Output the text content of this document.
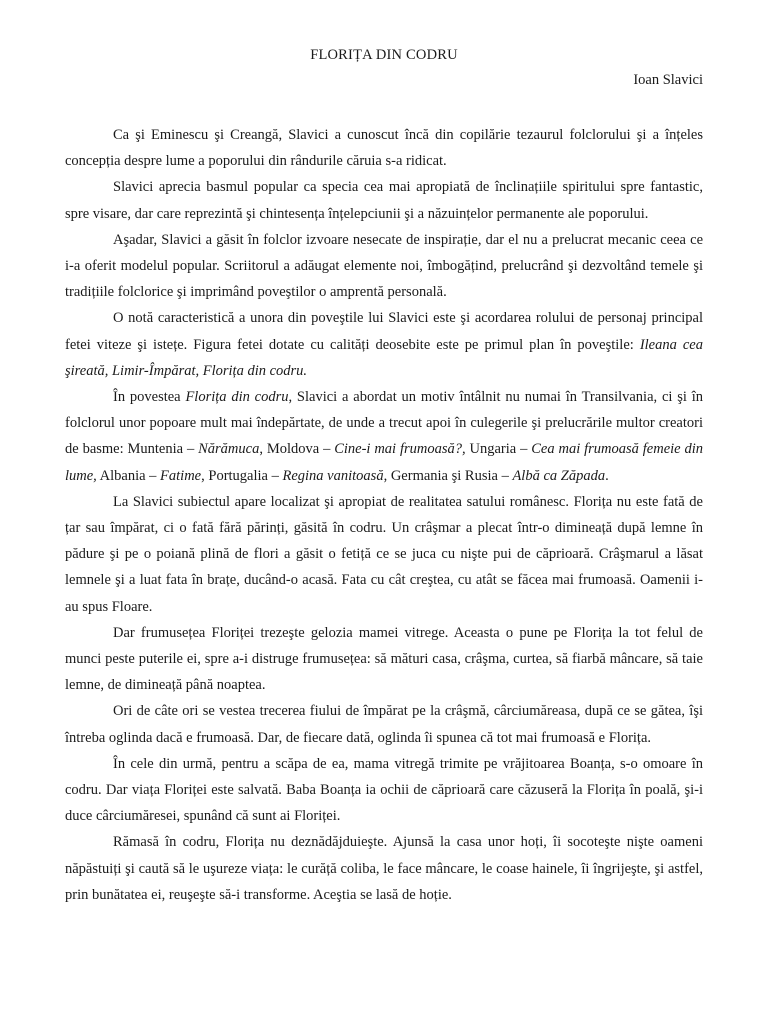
FLORIȚA DIN CODRU
Ioan Slavici

Ca şi Eminescu şi Creangă, Slavici a cunoscut încă din copilărie tezaurul folclorului şi a înțeles concepția despre lume a poporului din rândurile căruia s-a ridicat.

Slavici aprecia basmul popular ca specia cea mai apropiată de înclinațiile spiritului spre fantastic, spre visare, dar care reprezintă şi chintesența înțelepciunii şi a năzuințelor permanente ale poporului.

Aşadar, Slavici a găsit în folclor izvoare nesecate de inspirație, dar el nu a prelucrat mecanic ceea ce i-a oferit modelul popular. Scriitorul a adăugat elemente noi, îmbogățind, prelucrând şi dezvoltând temele şi tradițiile folclorice şi imprimând poveştilor o amprentă personală.

O notă caracteristică a unora din poveştile lui Slavici este şi acordarea rolului de personaj principal fetei viteze şi istețe. Figura fetei dotate cu calități deosebite este pe primul plan în poveştile: Ileana cea şireată, Limir-Împărat, Florița din codru.

În povestea Florița din codru, Slavici a abordat un motiv întâlnit nu numai în Transilvania, ci şi în folclorul unor popoare mult mai îndepărtate, de unde a trecut apoi în culegerile şi prelucrările multor creatori de basme: Muntenia – Nărămuca, Moldova – Cine-i mai frumoasă?, Ungaria – Cea mai frumoasă femeie din lume, Albania – Fatime, Portugalia – Regina vanitoasă, Germania şi Rusia – Albă ca Zăpada.

La Slavici subiectul apare localizat şi apropiat de realitatea satului românesc. Florița nu este fată de țar sau împărat, ci o fată fără părinți, găsită în codru. Un crâşmar a plecat într-o dimineață după lemne în pădure şi pe o poiană plină de flori a găsit o fetiță ce se juca cu nişte pui de căprioară. Crâşmarul a lăsat lemnele şi a luat fata în brațe, ducând-o acasă. Fata cu cât creştea, cu atât se făcea mai frumoasă. Oamenii i-au spus Floare.

Dar frumusețea Floriței trezeşte gelozia mamei vitrege. Aceasta o pune pe Florița la tot felul de munci peste puterile ei, spre a-i distruge frumusețea: să mături casa, crâşma, curtea, să fiarbă mâncare, să taie lemne, de dimineață până noaptea.

Ori de câte ori se vestea trecerea fiului de împărat pe la crâşmă, cârciumăreasa, după ce se gătea, îşi întreba oglinda dacă e frumoasă. Dar, de fiecare dată, oglinda îi spunea că tot mai frumoasă e Florița.

În cele din urmă, pentru a scăpa de ea, mama vitregă trimite pe vrăjitoarea Boanța, s-o omoare în codru. Dar viața Floriței este salvată. Baba Boanța ia ochii de căprioară care căzuseră la Florița în poală, şi-i duce cârciumăresei, spunând că sunt ai Floriței.

Rămasă în codru, Florița nu deznădăjduieşte. Ajunsă la casa unor hoți, îi socoteşte nişte oameni năpăstuiți şi caută să le uşureze viața: le curăță coliba, le face mâncare, le coase hainele, îi îngrijeşte, şi astfel, prin bunătatea ei, reuşeşte să-i transforme. Aceştia se lasă de hoție.
